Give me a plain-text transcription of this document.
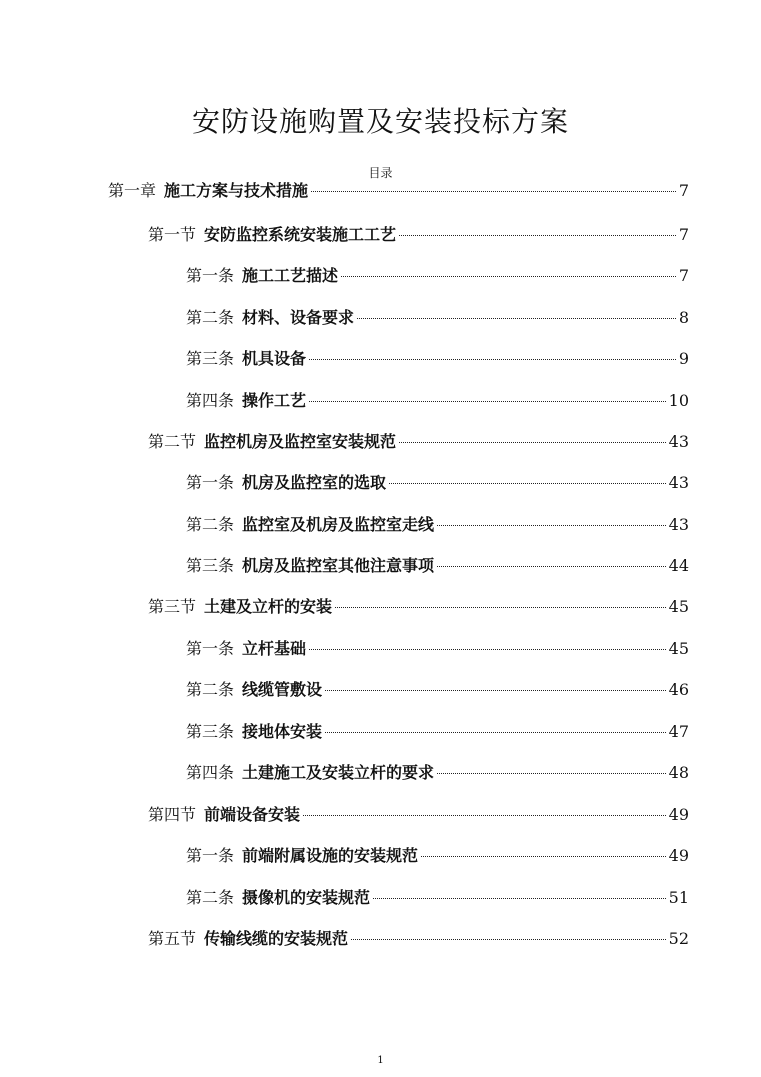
安防设施购置及安装投标方案
目录
第一章 施工方案与技术措施	7
第一节 安防监控系统安装施工工艺	7
第一条 施工工艺描述	7
第二条 材料、设备要求	8
第三条 机具设备	9
第四条 操作工艺	10
第二节 监控机房及监控室安装规范	43
第一条 机房及监控室的选取	43
第二条 监控室及机房及监控室走线	43
第三条 机房及监控室其他注意事项	44
第三节 土建及立杆的安装	45
第一条 立杆基础	45
第二条 线缆管敷设	46
第三条 接地体安装	47
第四条 土建施工及安装立杆的要求	48
第四节 前端设备安装	49
第一条 前端附属设施的安装规范	49
第二条 摄像机的安装规范	51
第五节 传输线缆的安装规范	52
1
